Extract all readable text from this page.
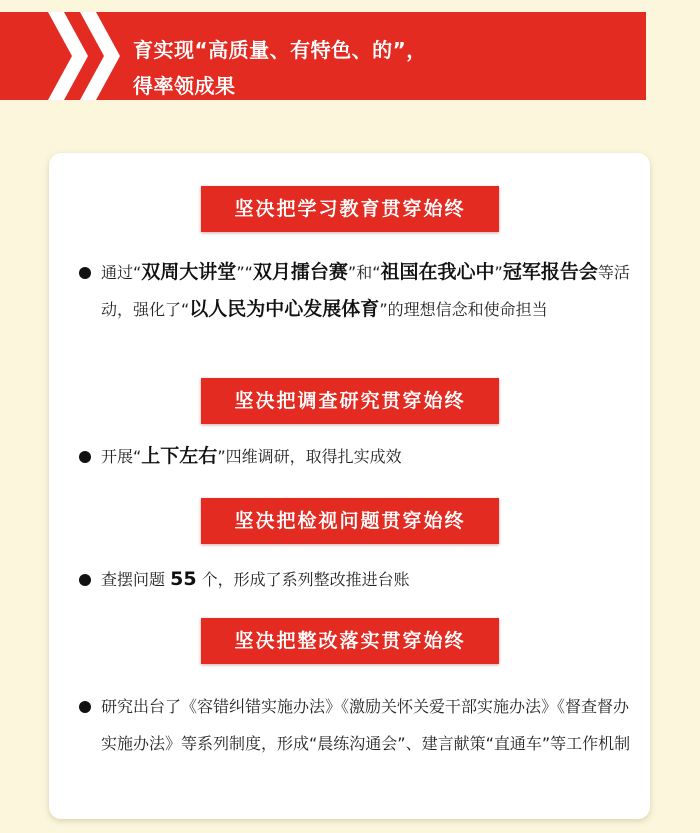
育实现“高质量、有特色、的”，
得率领成果
坚决把学习教育贯穿始终
通过“双周大讲堂”“双月擂台赛”和“祖国在我心中”冠军报告会等活动，强化了“以人民为中心发展体育”的理想信念和使命担当
坚决把调查研究贯穿始终
开展“上下左右”四维调研，取得扎实成效
坚决把检视问题贯穿始终
查摆问题 55 个，形成了系列整改推进台账
坚决把整改落实贯穿始终
研究出台了《容错纠错实施办法》《激励关怀关爱干部实施办法》《督查督办实施办法》等系列制度，形成“晨练沟通会”、建言献策“直通车”等工作机制
